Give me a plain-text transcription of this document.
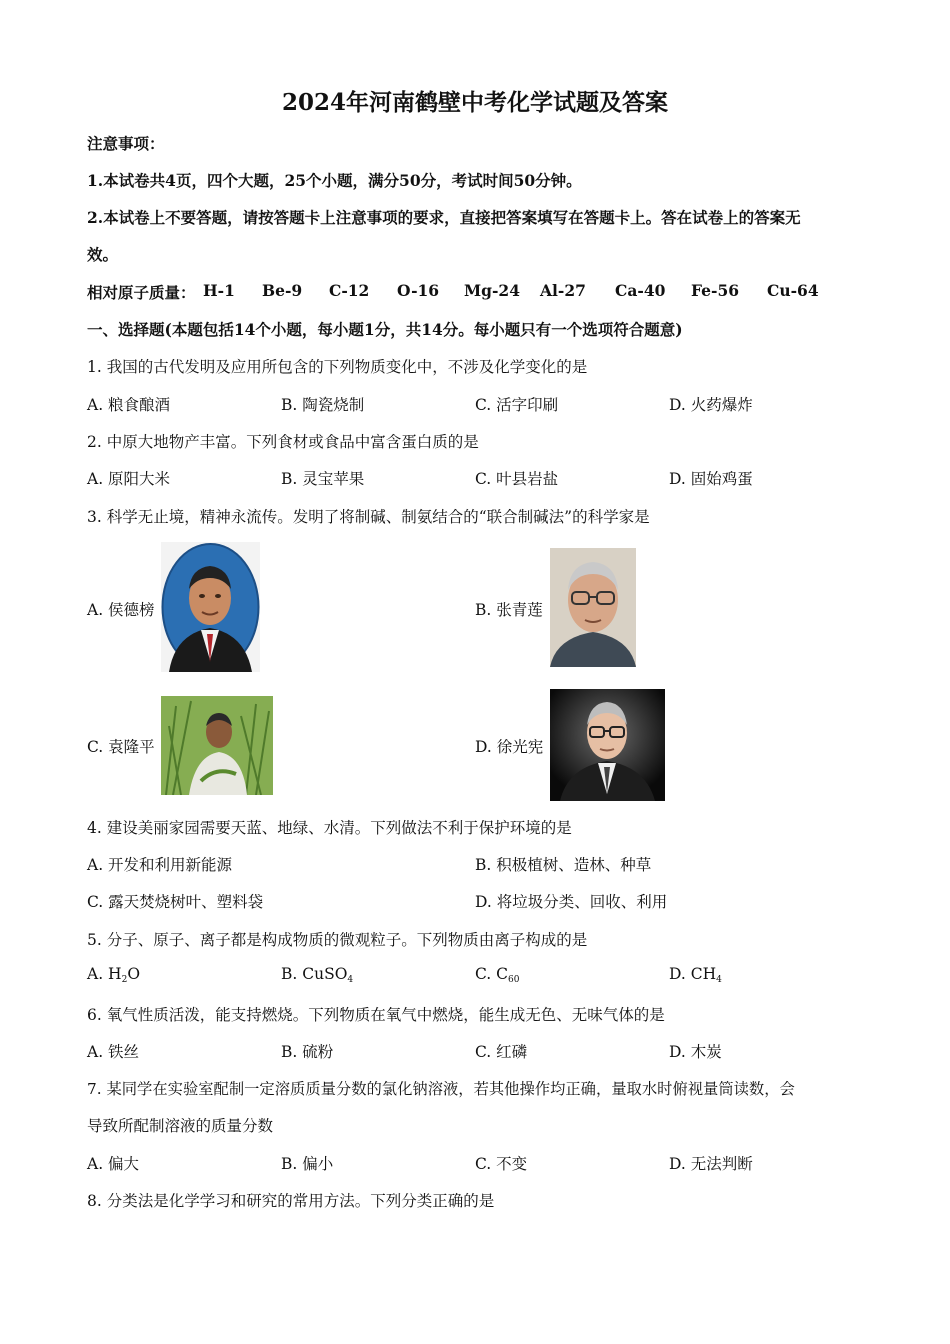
2024年河南鹤壁中考化学试题及答案
注意事项：
1.本试卷共4页，四个大题，25个小题，满分50分，考试时间50分钟。
2.本试卷上不要答题，请按答题卡上注意事项的要求，直接把答案填写在答题卡上。答在试卷上的答案无
效。
相对原子质量： H-1 Be-9 C-12 O-16 Mg-24 Al-27 Ca-40 Fe-56 Cu-64
一、选择题(本题包括14个小题，每小题1分，共14分。每小题只有一个选项符合题意)
1. 我国的古代发明及应用所包含的下列物质变化中，不涉及化学变化的是
A. 粮食酿酒	B. 陶瓷烧制	C. 活字印刷	D. 火药爆炸
2. 中原大地物产丰富。下列食材或食品中富含蛋白质的是
A. 原阳大米	B. 灵宝苹果	C. 叶县岩盐	D. 固始鸡蛋
3. 科学无止境，精神永流传。发明了将制碱、制氨结合的“联合制碱法”的科学家是
A. 侯德榜	B. 张青莲
C. 袁隆平	D. 徐光宪
4. 建设美丽家园需要天蓝、地绿、水清。下列做法不利于保护环境的是
A. 开发和利用新能源	B. 积极植树、造林、种草
C. 露天焚烧树叶、塑料袋	D. 将垃圾分类、回收、利用
5. 分子、原子、离子都是构成物质的微观粒子。下列物质由离子构成的是
A. $H_2O$	B. CuSO$_4$	C. $C_{60}$	D. $CH_4$
6. 氧气性质活泼，能支持燃烧。下列物质在氧气中燃烧，能生成无色、无味气体的是
A. 铁丝	B. 硫粉	C. 红磷	D. 木炭
7. 某同学在实验室配制一定溶质质量分数的氯化钠溶液，若其他操作均正确，量取水时俯视量筒读数，会
导致所配制溶液的质量分数
A. 偏大	B. 偏小	C. 不变	D. 无法判断
8. 分类法是化学学习和研究的常用方法。下列分类正确的是
